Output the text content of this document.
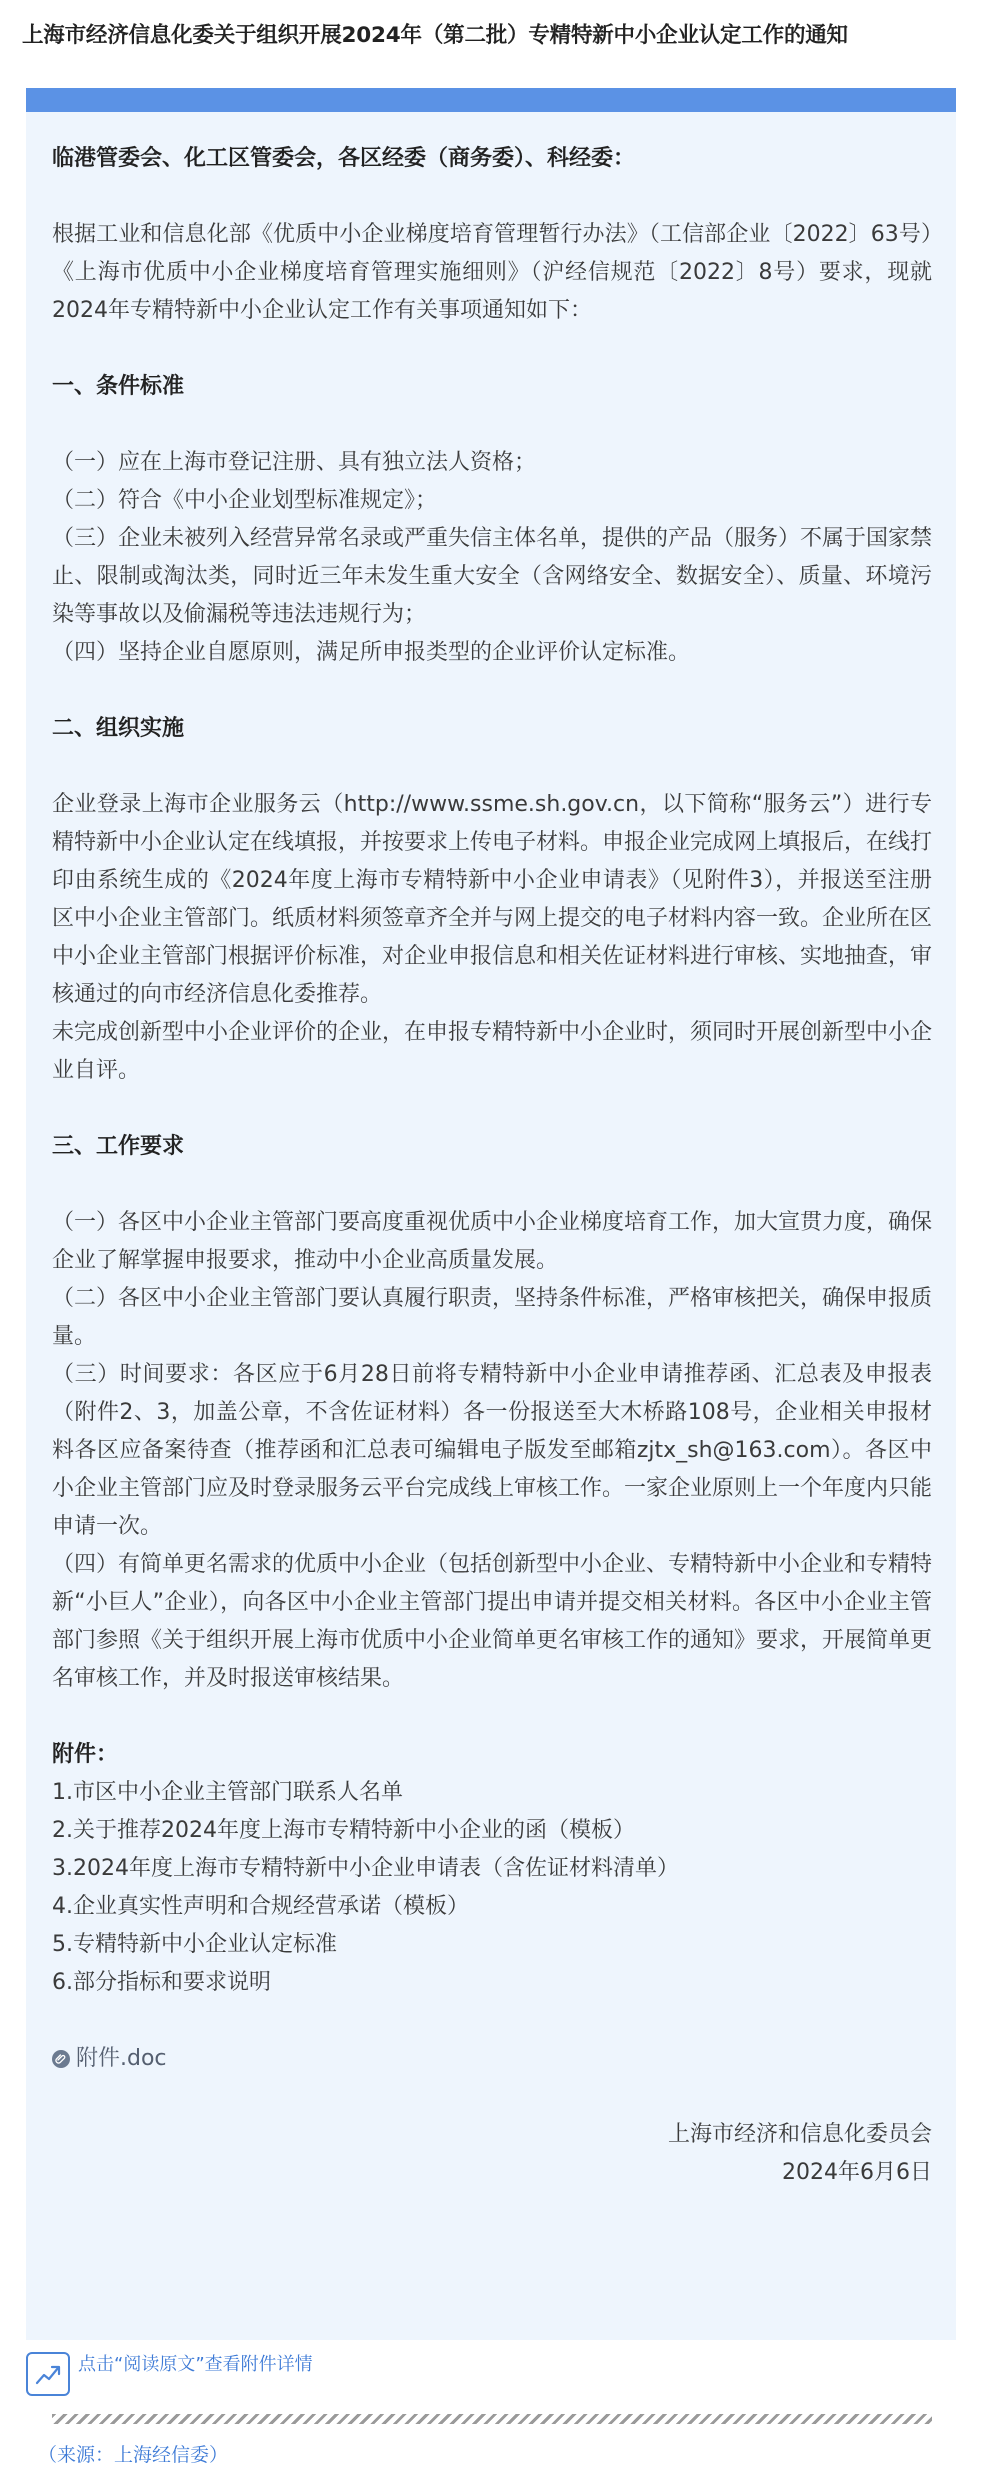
上海市经济信息化委关于组织开展2024年（第二批）专精特新中小企业认定工作的通知

临港管委会、化工区管委会，各区经委（商务委）、科经委：

根据工业和信息化部《优质中小企业梯度培育管理暂行办法》（工信部企业〔2022〕63号）《上海市优质中小企业梯度培育管理实施细则》（沪经信规范〔2022〕8号）要求，现就2024年专精特新中小企业认定工作有关事项通知如下：

一、条件标准

（一）应在上海市登记注册、具有独立法人资格；

（二）符合《中小企业划型标准规定》；

（三）企业未被列入经营异常名录或严重失信主体名单，提供的产品（服务）不属于国家禁止、限制或淘汰类，同时近三年未发生重大安全（含网络安全、数据安全）、质量、环境污染等事故以及偷漏税等违法违规行为；

（四）坚持企业自愿原则，满足所申报类型的企业评价认定标准。

二、组织实施

企业登录上海市企业服务云（http://www.ssme.sh.gov.cn，以下简称“服务云”）进行专精特新中小企业认定在线填报，并按要求上传电子材料。申报企业完成网上填报后，在线打印由系统生成的《2024年度上海市专精特新中小企业申请表》（见附件3），并报送至注册区中小企业主管部门。纸质材料须签章齐全并与网上提交的电子材料内容一致。企业所在区中小企业主管部门根据评价标准，对企业申报信息和相关佐证材料进行审核、实地抽查，审核通过的向市经济信息化委推荐。

未完成创新型中小企业评价的企业，在申报专精特新中小企业时，须同时开展创新型中小企业自评。

三、工作要求

（一）各区中小企业主管部门要高度重视优质中小企业梯度培育工作，加大宣贯力度，确保企业了解掌握申报要求，推动中小企业高质量发展。

（二）各区中小企业主管部门要认真履行职责，坚持条件标准，严格审核把关，确保申报质量。

（三）时间要求：各区应于6月28日前将专精特新中小企业申请推荐函、汇总表及申报表（附件2、3，加盖公章，不含佐证材料）各一份报送至大木桥路108号，企业相关申报材料各区应备案待查（推荐函和汇总表可编辑电子版发至邮箱zjtx_sh@163.com）。各区中小企业主管部门应及时登录服务云平台完成线上审核工作。一家企业原则上一个年度内只能申请一次。

（四）有简单更名需求的优质中小企业（包括创新型中小企业、专精特新中小企业和专精特新“小巨人”企业），向各区中小企业主管部门提出申请并提交相关材料。各区中小企业主管部门参照《关于组织开展上海市优质中小企业简单更名审核工作的通知》要求，开展简单更名审核工作，并及时报送审核结果。

附件：

1.市区中小企业主管部门联系人名单

2.关于推荐2024年度上海市专精特新中小企业的函（模板）

3.2024年度上海市专精特新中小企业申请表（含佐证材料清单）

4.企业真实性声明和合规经营承诺（模板）

5.专精特新中小企业认定标准

6.部分指标和要求说明

附件.doc

上海市经济和信息化委员会

2024年6月6日

点击“阅读原文”查看附件详情
（来源：上海经信委）
